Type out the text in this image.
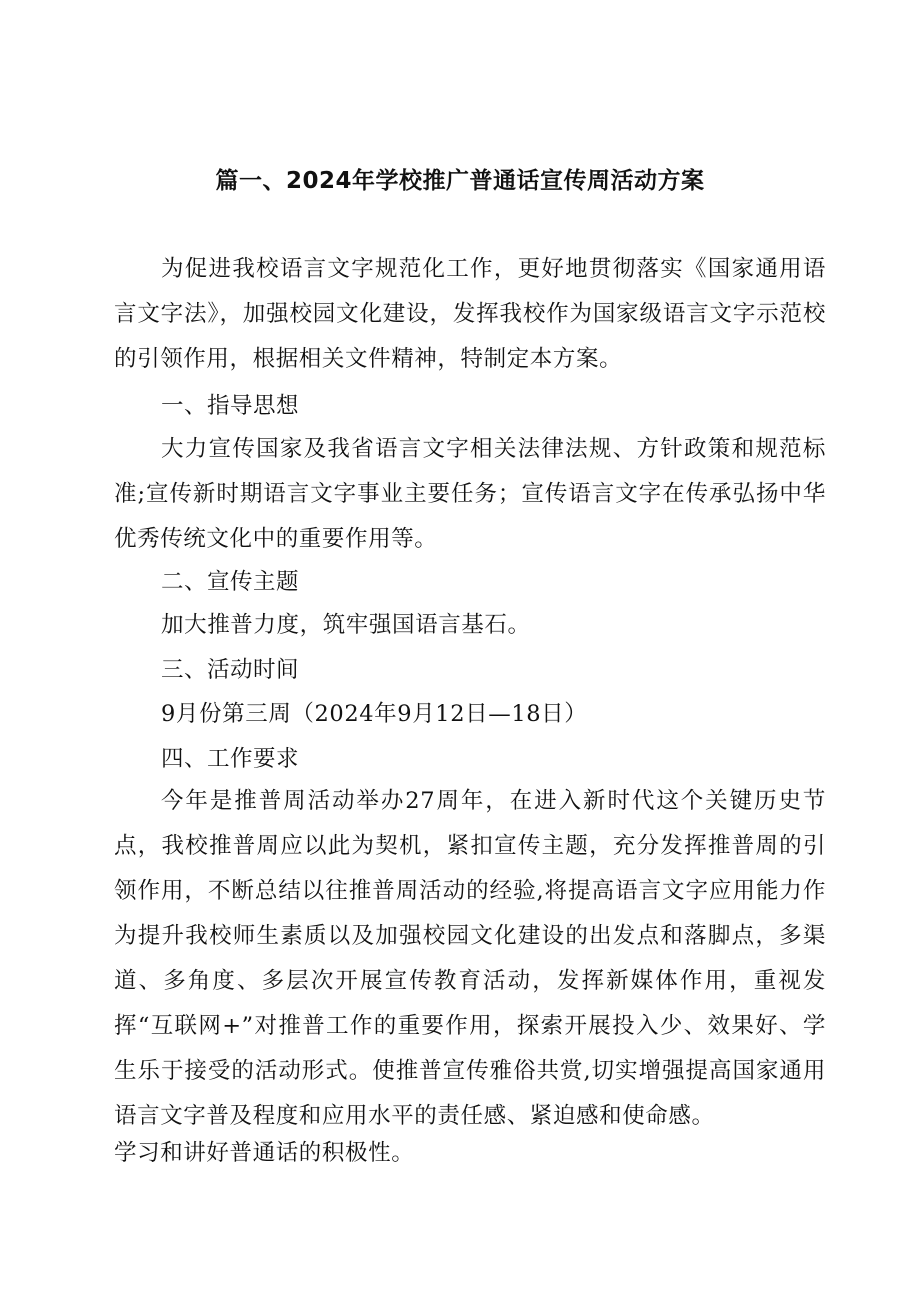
篇一、2024年学校推广普通话宣传周活动方案

为促进我校语言文字规范化工作，更好地贯彻落实《国家通用语言文字法》，加强校园文化建设，发挥我校作为国家级语言文字示范校的引领作用，根据相关文件精神，特制定本方案。

一、指导思想

大力宣传国家及我省语言文字相关法律法规、方针政策和规范标准;宣传新时期语言文字事业主要任务；宣传语言文字在传承弘扬中华优秀传统文化中的重要作用等。

二、宣传主题

加大推普力度，筑牢强国语言基石。

三、活动时间

9月份第三周（2024年9月12日—18日）

四、工作要求

今年是推普周活动举办27周年，在进入新时代这个关键历史节点，我校推普周应以此为契机，紧扣宣传主题，充分发挥推普周的引领作用，不断总结以往推普周活动的经验,将提高语言文字应用能力作为提升我校师生素质以及加强校园文化建设的出发点和落脚点，多渠道、多角度、多层次开展宣传教育活动，发挥新媒体作用，重视发挥“互联网+”对推普工作的重要作用，探索开展投入少、效果好、学生乐于接受的活动形式。使推普宣传雅俗共赏,切实增强提高国家通用语言文字普及程度和应用水平的责任感、紧迫感和使命感。

学习和讲好普通话的积极性。
